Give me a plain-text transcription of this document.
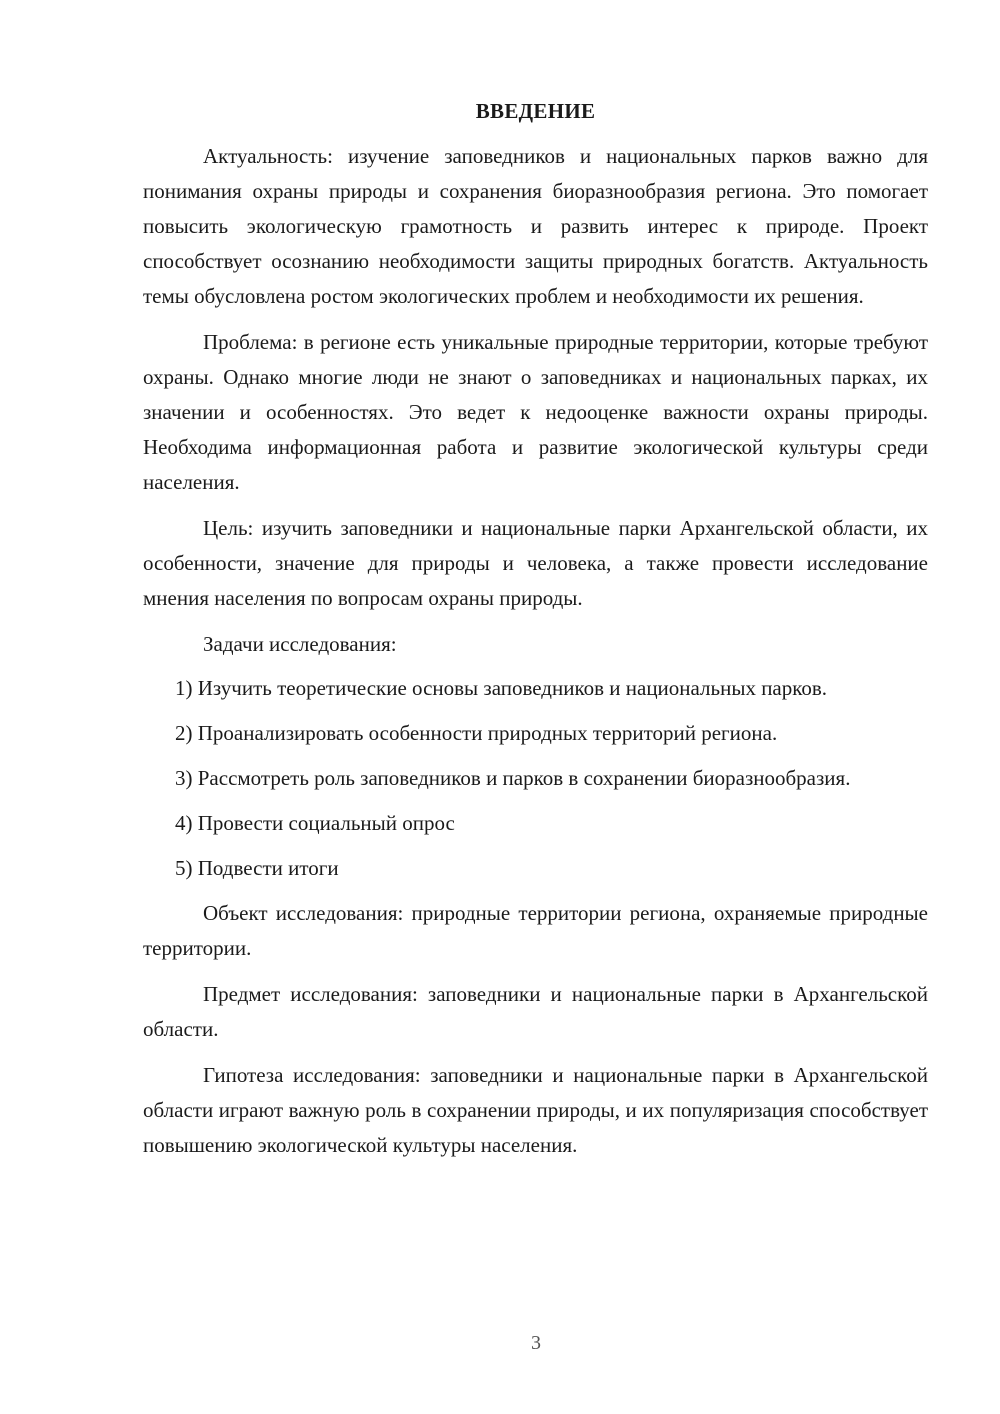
ВВЕДЕНИЕ

Актуальность: изучение заповедников и национальных парков важно для понимания охраны природы и сохранения биоразнообразия региона. Это помогает повысить экологическую грамотность и развить интерес к природе. Проект способствует осознанию необходимости защиты природных богатств. Актуальность темы обусловлена ростом экологических проблем и необходимости их решения.

Проблема: в регионе есть уникальные природные территории, которые требуют охраны. Однако многие люди не знают о заповедниках и национальных парках, их значении и особенностях. Это ведет к недооценке важности охраны природы. Необходима информационная работа и развитие экологической культуры среди населения.

Цель: изучить заповедники и национальные парки Архангельской области, их особенности, значение для природы и человека, а также провести исследование мнения населения по вопросам охраны природы.

Задачи исследования:

1) Изучить теоретические основы заповедников и национальных парков.

2) Проанализировать особенности природных территорий региона.

3) Рассмотреть роль заповедников и парков в сохранении биоразнообразия.

4) Провести социальный опрос

5) Подвести итоги

Объект исследования: природные территории региона, охраняемые природные территории.

Предмет исследования: заповедники и национальные парки в Архангельской области.

Гипотеза исследования: заповедники и национальные парки в Архангельской области играют важную роль в сохранении природы, и их популяризация способствует повышению экологической культуры населения.

3
